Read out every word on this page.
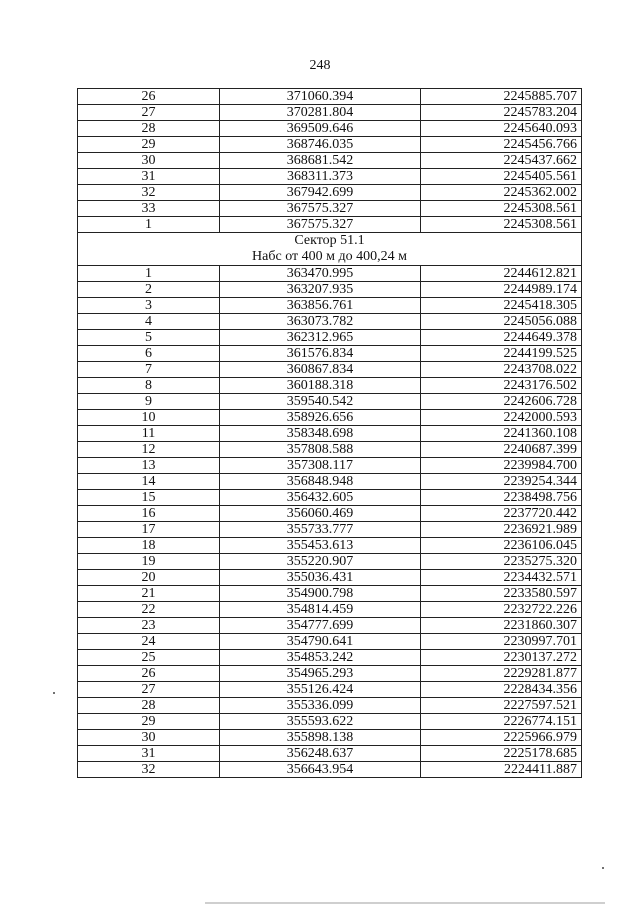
248
26	371060.394	2245885.707
27	370281.804	2245783.204
28	369509.646	2245640.093
29	368746.035	2245456.766
30	368681.542	2245437.662
31	368311.373	2245405.561
32	367942.699	2245362.002
33	367575.327	2245308.561
1	367575.327	2245308.561

Сектор 51.1
Набс от 400 м до 400,24 м		

1	363470.995	2244612.821
2	363207.935	2244989.174
3	363856.761	2245418.305
4	363073.782	2245056.088
5	362312.965	2244649.378
6	361576.834	2244199.525
7	360867.834	2243708.022
8	360188.318	2243176.502
9	359540.542	2242606.728
10	358926.656	2242000.593
11	358348.698	2241360.108
12	357808.588	2240687.399
13	357308.117	2239984.700
14	356848.948	2239254.344
15	356432.605	2238498.756
16	356060.469	2237720.442
17	355733.777	2236921.989
18	355453.613	2236106.045
19	355220.907	2235275.320
20	355036.431	2234432.571
21	354900.798	2233580.597
22	354814.459	2232722.226
23	354777.699	2231860.307
24	354790.641	2230997.701
25	354853.242	2230137.272
26	354965.293	2229281.877
27	355126.424	2228434.356
28	355336.099	2227597.521
29	355593.622	2226774.151
30	355898.138	2225966.979
31	356248.637	2225178.685
32	356643.954	2224411.887
